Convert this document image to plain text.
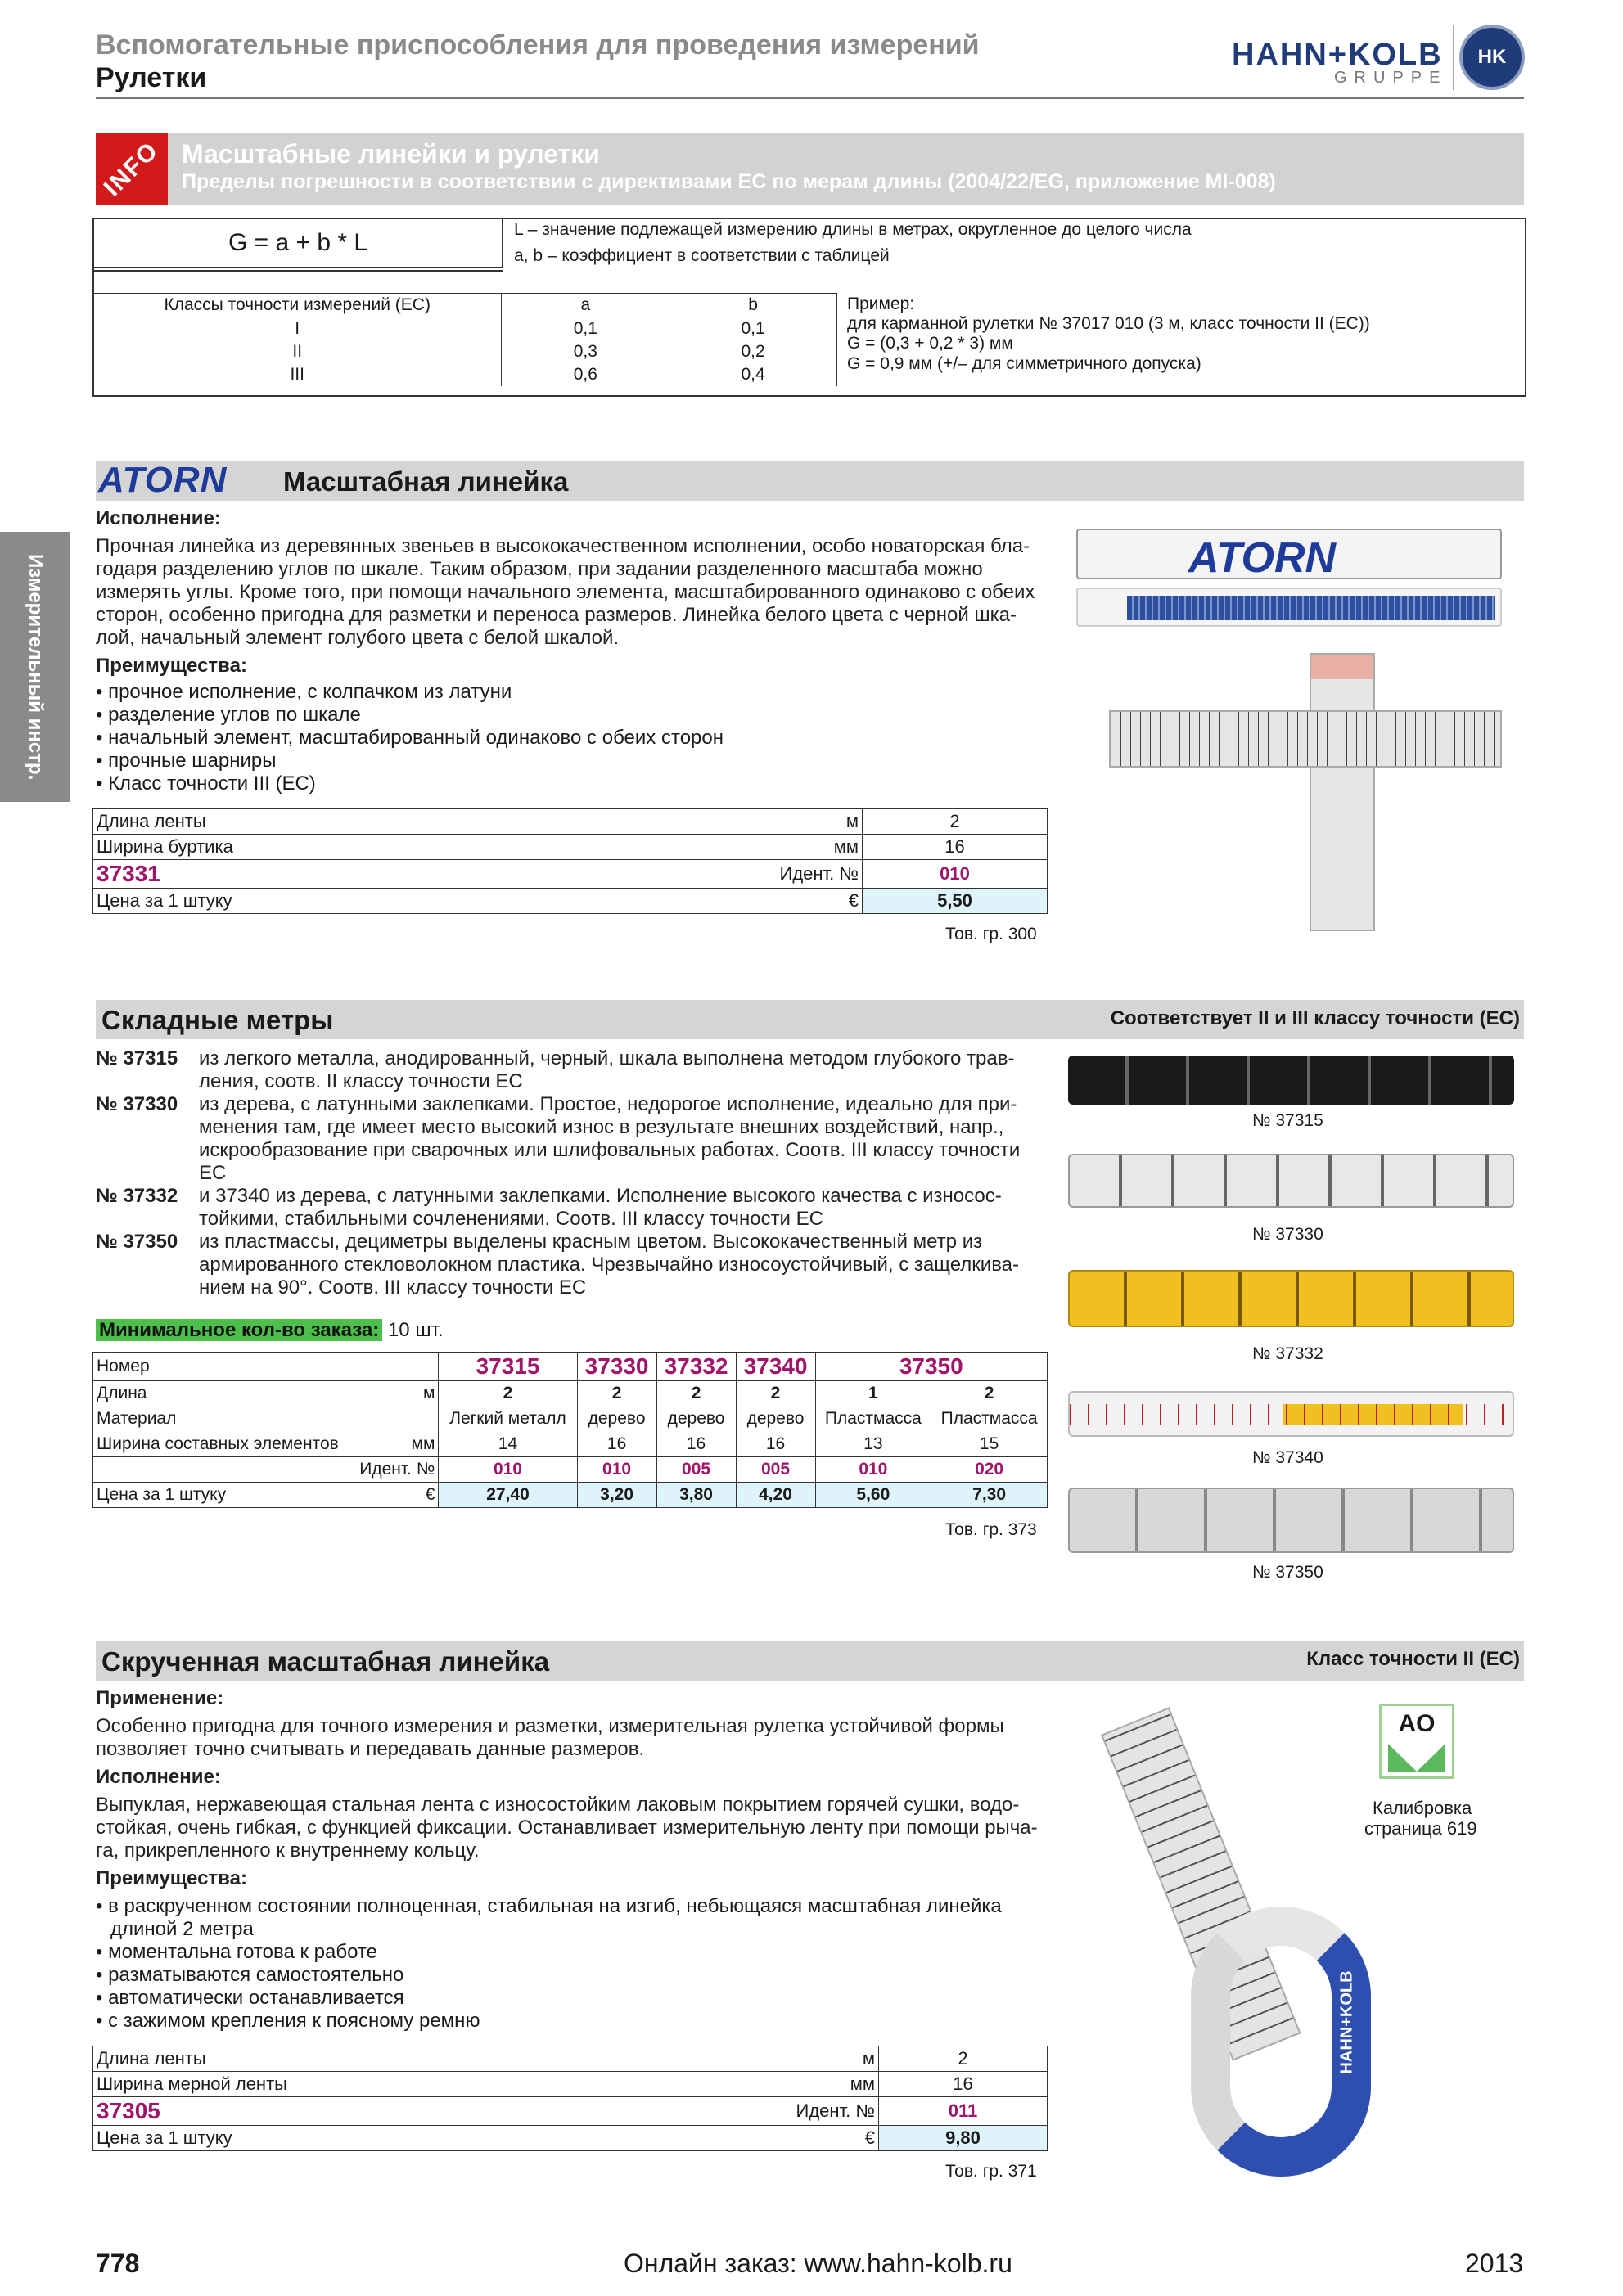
Вспомогательные приспособления для проведения измерений
Рулетки
HAHN+KOLB
GRUPPE
HK
Измерительный инстр.
INFO Масштабные линейки и рулетки
Пределы погрешности в соответствии с директивами ЕС по мерам длины (2004/22/EG, приложение MI-008)
G = a + b * L	L – значение подлежащей измерению длины в метрах, округленное до целого числа
a, b – коэффициент в соответствии с таблицей
Классы точности измерений (ЕС)	a	b
I	0,1	0,1
II	0,3	0,2
III	0,6	0,4
Пример:
для карманной рулетки № 37017 010 (3 м, класс точности II (ЕС))
G = (0,3 + 0,2 * 3) мм
G = 0,9 мм (+/– для симметричного допуска)
ATORN Масштабная линейка
Исполнение:
Прочная линейка из деревянных звеньев в высококачественном исполнении, особо новаторская бла-
годаря разделению углов по шкале. Таким образом, при задании разделенного масштаба можно
измерять углы. Кроме того, при помощи начального элемента, масштабированного одинаково с обеих
сторон, особенно пригодна для разметки и переноса размеров. Линейка белого цвета с черной шка-
лой, начальный элемент голубого цвета с белой шкалой.
Преимущества:
• прочное исполнение, с колпачком из латуни
• разделение углов по шкале
• начальный элемент, масштабированный одинаково с обеих сторон
• прочные шарниры
• Класс точности III (ЕС)
Длина ленты	м	2
Ширина буртика	мм	16
37331	Идент. №	010
Цена за 1 штуку	€	5,50
Тов. гр. 300
ATORN
Складные метры	Соответствует II и III классу точности (ЕС)
№ 37315	из легкого металла, анодированный, черный, шкала выполнена методом глубокого трав-
ления, соотв. II классу точности ЕС
№ 37330	из дерева, с латунными заклепками. Простое, недорогое исполнение, идеально для при-
менения там, где имеет место высокий износ в результате внешних воздействий, напр.,
искрообразование при сварочных или шлифовальных работах. Соотв. III классу точности
ЕС
№ 37332	и 37340 из дерева, с латунными заклепками. Исполнение высокого качества с износос-
тойкими, стабильными сочленениями. Соотв. III классу точности ЕС
№ 37350	из пластмассы, дециметры выделены красным цветом. Высококачественный метр из
армированного стекловолокном пластика. Чрезвычайно износоустойчивый, с защелкива-
нием на 90°. Соотв. III классу точности ЕС
Минимальное кол-во заказа: 10 шт.
Номер		37315	37330	37332	37340	37350	
Длина	м	2	2	2	2	1	2
Материал		Легкий металл	дерево	дерево	дерево	Пластмасса	Пластмасса
Ширина составных элементов	мм	14	16	16	16	13	15
Идент. №		010	010	005	005	010	020
Цена за 1 штуку	€	27,40	3,20	3,80	4,20	5,60	7,30
Тов. гр. 373
№ 37315
№ 37330
№ 37332
№ 37340
№ 37350
Скрученная масштабная линейка	Класс точности II (ЕС)
Применение:
Особенно пригодна для точного измерения и разметки, измерительная рулетка устойчивой формы
позволяет точно считывать и передавать данные размеров.
Исполнение:
Выпуклая, нержавеющая стальная лента с износостойким лаковым покрытием горячей сушки, водо-
стойкая, очень гибкая, с функцией фиксации. Останавливает измерительную ленту при помощи рыча-
га, прикрепленного к внутреннему кольцу.
Преимущества:
• в раскрученном состоянии полноценная, стабильная на изгиб, небьющаяся масштабная линейка
длиной 2 метра
• моментальна готова к работе
• разматываются самостоятельно
• автоматически останавливается
• с зажимом крепления к поясному ремню
Длина ленты	м	2
Ширина мерной ленты	мм	16
37305	Идент. №	011
Цена за 1 штуку	€	9,80
Тов. гр. 371
AO
Калибровка
страница 619
HAHN+KOLB
778	Онлайн заказ: www.hahn-kolb.ru	2013
